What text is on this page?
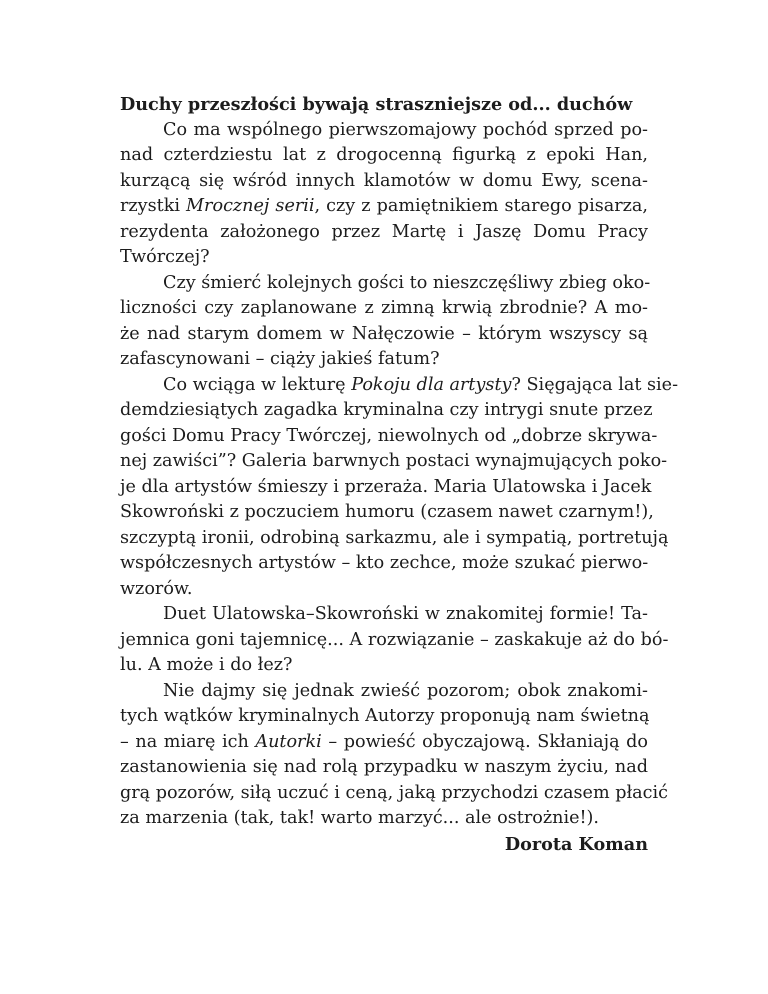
Duchy przeszłości bywają straszniejsze od... duchów
Co ma wspólnego pierwszomajowy pochód sprzed po-
nad czterdziestu lat z drogocenną figurką z epoki Han,
kurzącą się wśród innych klamotów w domu Ewy, scena-
rzystki Mrocznej serii, czy z pamiętnikiem starego pisarza,
rezydenta założonego przez Martę i Jaszę Domu Pracy
Twórczej?
Czy śmierć kolejnych gości to nieszczęśliwy zbieg oko-
liczności czy zaplanowane z zimną krwią zbrodnie? A mo-
że nad starym domem w Nałęczowie – którym wszyscy są
zafascynowani – ciąży jakieś fatum?
Co wciąga w lekturę Pokoju dla artysty? Sięgająca lat sie-
demdziesiątych zagadka kryminalna czy intrygi snute przez
gości Domu Pracy Twórczej, niewolnych od „dobrze skrywa-
nej zawiści”? Galeria barwnych postaci wynajmujących poko-
je dla artystów śmieszy i przeraża. Maria Ulatowska i Jacek
Skowroński z poczuciem humoru (czasem nawet czarnym!),
szczyptą ironii, odrobiną sarkazmu, ale i sympatią, portretują
współczesnych artystów – kto zechce, może szukać pierwo-
wzorów.
Duet Ulatowska–Skowroński w znakomitej formie! Ta-
jemnica goni tajemnicę... A rozwiązanie – zaskakuje aż do bó-
lu. A może i do łez?
Nie dajmy się jednak zwieść pozorom; obok znakomi-
tych wątków kryminalnych Autorzy proponują nam świetną
– na miarę ich Autorki – powieść obyczajową. Skłaniają do
zastanowienia się nad rolą przypadku w naszym życiu, nad
grą pozorów, siłą uczuć i ceną, jaką przychodzi czasem płacić
za marzenia (tak, tak! warto marzyć... ale ostrożnie!).
Dorota Koman
